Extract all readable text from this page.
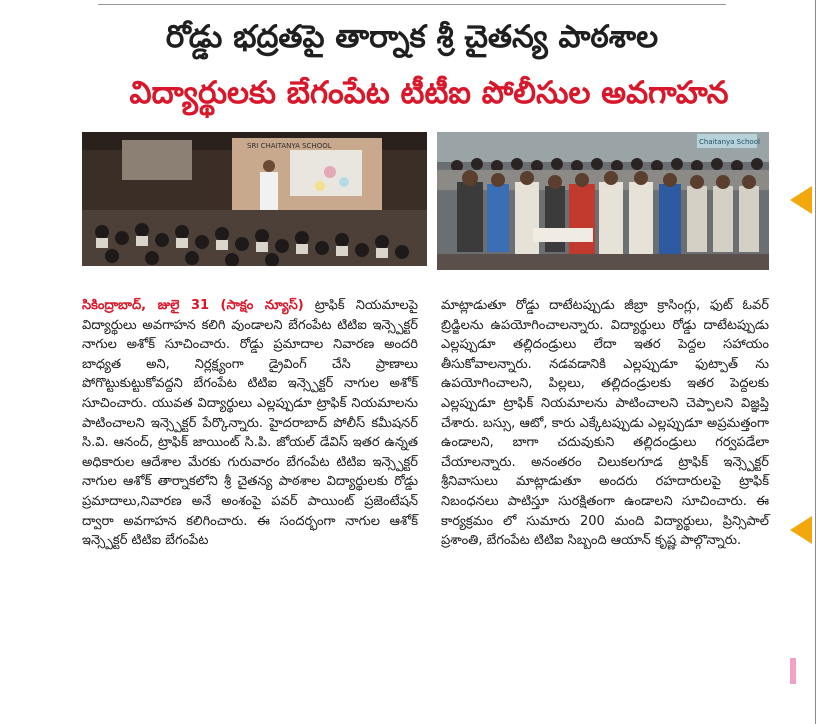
రోడ్డు భద్రతపై తార్నాక శ్రీ చైతన్య పాఠశాల
విద్యార్థులకు బేగంపేట టీటీఐ పోలీసుల అవగాహన
SRI CHAITANYA SCHOOL	Chaitanya School

సికింద్రాబాద్‌, జులై 31 (సాక్షం న్యూస్‌) ట్రాఫిక్‌ నియమాలపై విద్యార్థులు అవగాహన కలిగి వుండాలని బేగంపేట టిటిఐ ఇన్స్పెక్టర్‌ నాగుల అశోక్‌ సూచించారు. రోడ్డు ప్రమాదాల నివారణ అందరి బాధ్యత అని, నిర్లక్ష్యంగా డ్రైవింగ్‌ చేసి ప్రాణాలు పోగొట్టుకుట్టుకోవద్దని బేగంపేట టిటిఐ ఇన్స్పెక్టర్‌ నాగుల అశోక్‌ సూచించారు. యువత విద్యార్థులు ఎల్లప్పుడూ ట్రాఫిక్‌ నియమాలను పాటించాలని ఇన్స్పెక్టర్‌ పేర్కొన్నారు. హైదరాబాద్‌ పోలీస్‌ కమీషనర్‌ సి.వి. ఆనంద్‌, ట్రాఫిక్‌ జాయింట్‌ సి.పి. జోయల్‌ డేవిస్‌ ఇతర ఉన్నత అధికారుల ఆదేశాల మేరకు గురువారం బేగంపేట టిటిఐ ఇన్స్పెక్టర్‌ నాగుల ఆశోక్‌ తార్నాకలోని శ్రీ చైతన్య పాఠశాల విద్యార్థులకు రోడ్డు ప్రమాదాలు,నివారణ అనే అంశంపై పవర్‌ పాయింట్‌ ప్రజెంటేషన్‌ ద్వారా అవగాహన కలిగించారు. ఈ సందర్భంగా నాగుల ఆశోక్‌ ఇన్స్పెక్టర్‌ టిటిఐ బేగంపేట

మాట్లాడుతూ రోడ్డు దాటేటప్పుడు జీబ్రా క్రాసింగ్లు, ఫుట్‌ ఓవర్‌ బ్రిడ్జిలను ఉపయోగించాలన్నారు. విద్యార్థులు రోడ్డు దాటేటప్పుడు ఎల్లప్పుడూ తల్లిదండ్రులు లేదా ఇతర పెద్దల సహాయం తీసుకోవాలన్నారు. నడవడానికి ఎల్లప్పుడూ ఫుట్పాత్‌ ను ఉపయోగించాలని, పిల్లలు, తల్లిదండ్రులకు ఇతర పెద్దలకు ఎల్లప్పుడూ ట్రాఫిక్‌ నియమాలను పాటించాలని చెప్పాలని విజ్ఞప్తి చేశారు. బస్సు, ఆటో, కారు ఎక్కేటప్పుడు ఎల్లప్పుడూ అప్రమత్తంగా ఉండాలని, బాగా చదువుకుని తల్లిదండ్రులు గర్వపడేలా చేయాలన్నారు. అనంతరం చిలుకలగూడ ట్రాఫిక్‌ ఇన్స్పెక్టర్‌ శ్రీనివాసులు మాట్లాడుతూ అందరు రహదారులపై ట్రాఫిక్‌ నిబంధనలు పాటిస్తూ సురక్షితంగా ఉండాలని సూచించారు. ఈ కార్యక్రమం లో సుమారు 200 మంది విద్యార్థులు, ప్రిన్సిపాల్‌ ప్రశాంతి, బేగంపేట టిటిఐ సిబ్బంది ఆయాన్‌ కృష్ణ పాల్గొన్నారు.
